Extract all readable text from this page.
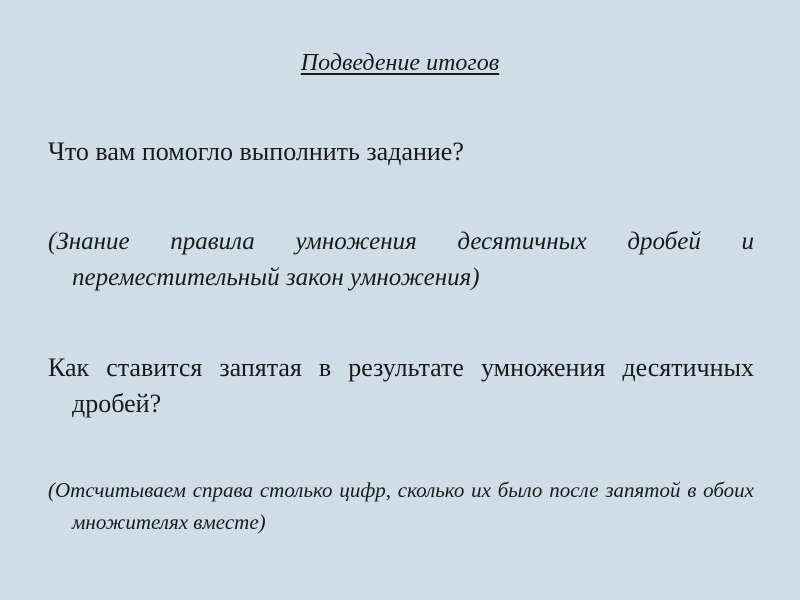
Подведение итогов
Что вам помогло выполнить задание?
(Знание правила умножения десятичных дробей и переместительный закон умножения)
Как ставится запятая в результате умножения десятичных дробей?
(Отсчитываем справа столько цифр, сколько их было после запятой в обоих множителях вместе)
